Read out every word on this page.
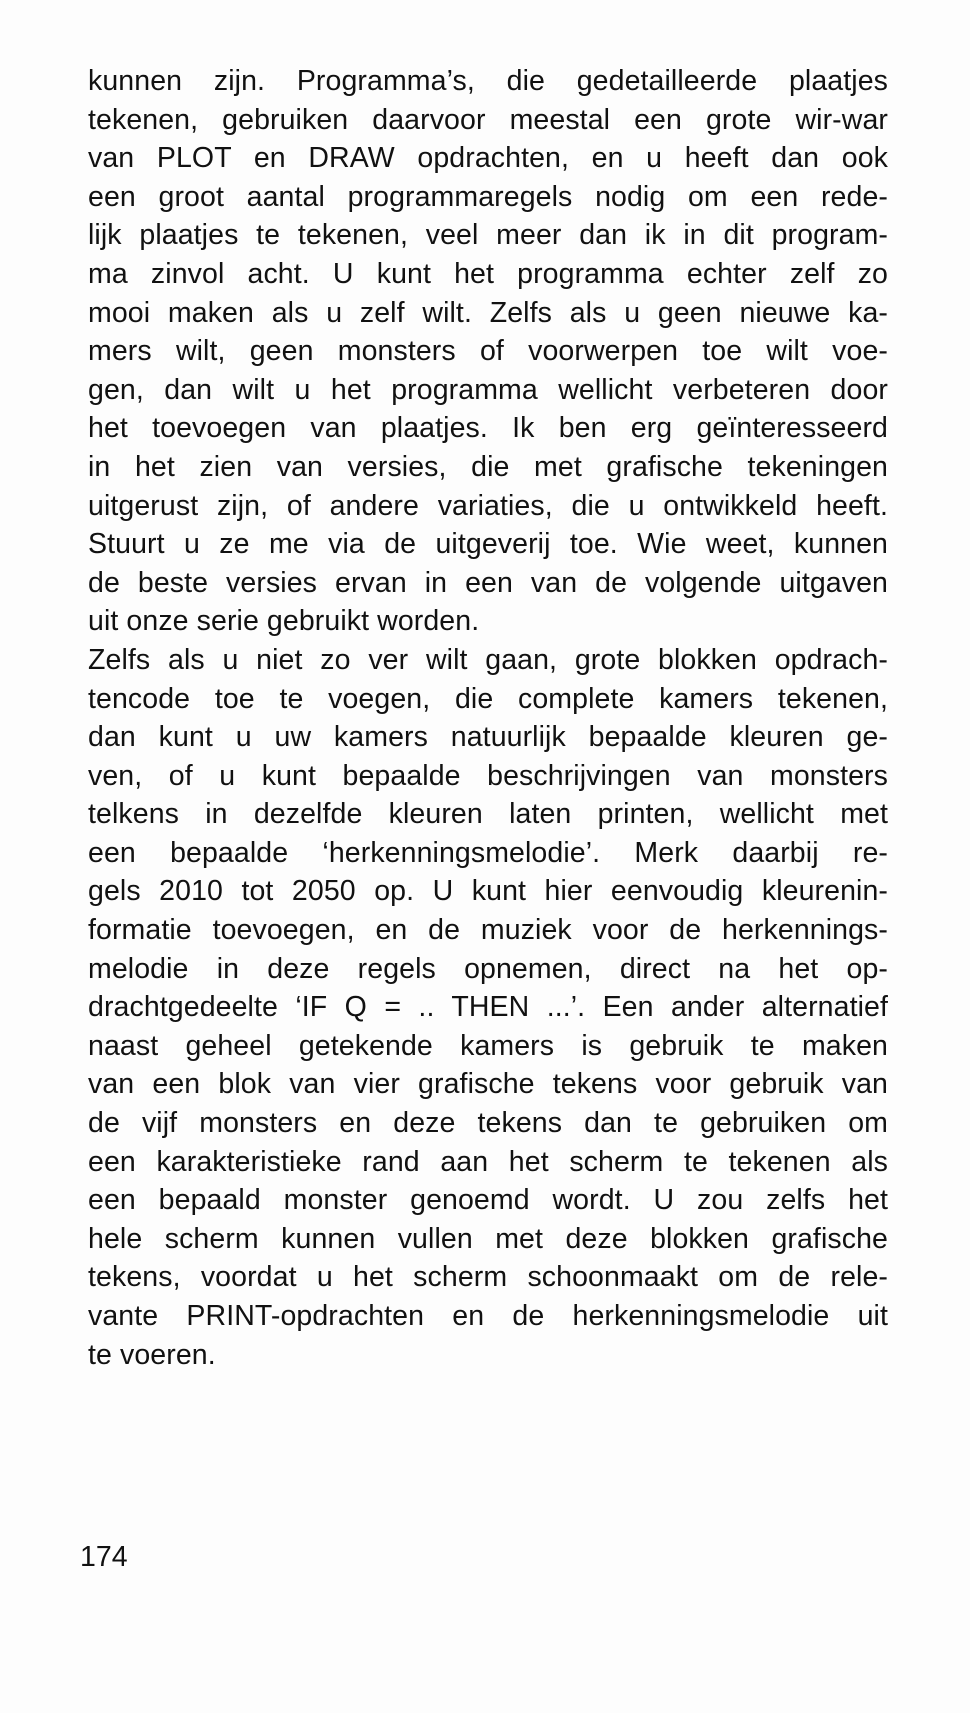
kunnen zijn. Programma’s, die gedetailleerde plaatjes
tekenen, gebruiken daarvoor meestal een grote wir-war
van PLOT en DRAW opdrachten, en u heeft dan ook
een groot aantal programmaregels nodig om een rede-
lijk plaatjes te tekenen, veel meer dan ik in dit program-
ma zinvol acht. U kunt het programma echter zelf zo
mooi maken als u zelf wilt. Zelfs als u geen nieuwe ka-
mers wilt, geen monsters of voorwerpen toe wilt voe-
gen, dan wilt u het programma wellicht verbeteren door
het toevoegen van plaatjes. Ik ben erg geïnteresseerd
in het zien van versies, die met grafische tekeningen
uitgerust zijn, of andere variaties, die u ontwikkeld heeft.
Stuurt u ze me via de uitgeverij toe. Wie weet, kunnen
de beste versies ervan in een van de volgende uitgaven
uit onze serie gebruikt worden.
Zelfs als u niet zo ver wilt gaan, grote blokken opdrach-
tencode toe te voegen, die complete kamers tekenen,
dan kunt u uw kamers natuurlijk bepaalde kleuren ge-
ven, of u kunt bepaalde beschrijvingen van monsters
telkens in dezelfde kleuren laten printen, wellicht met
een bepaalde ‘herkenningsmelodie’. Merk daarbij re-
gels 2010 tot 2050 op. U kunt hier eenvoudig kleurenin-
formatie toevoegen, en de muziek voor de herkennings-
melodie in deze regels opnemen, direct na het op-
drachtgedeelte ‘IF Q = .. THEN ...’. Een ander alternatief
naast geheel getekende kamers is gebruik te maken
van een blok van vier grafische tekens voor gebruik van
de vijf monsters en deze tekens dan te gebruiken om
een karakteristieke rand aan het scherm te tekenen als
een bepaald monster genoemd wordt. U zou zelfs het
hele scherm kunnen vullen met deze blokken grafische
tekens, voordat u het scherm schoonmaakt om de rele-
vante PRINT-opdrachten en de herkenningsmelodie uit
te voeren.
174
